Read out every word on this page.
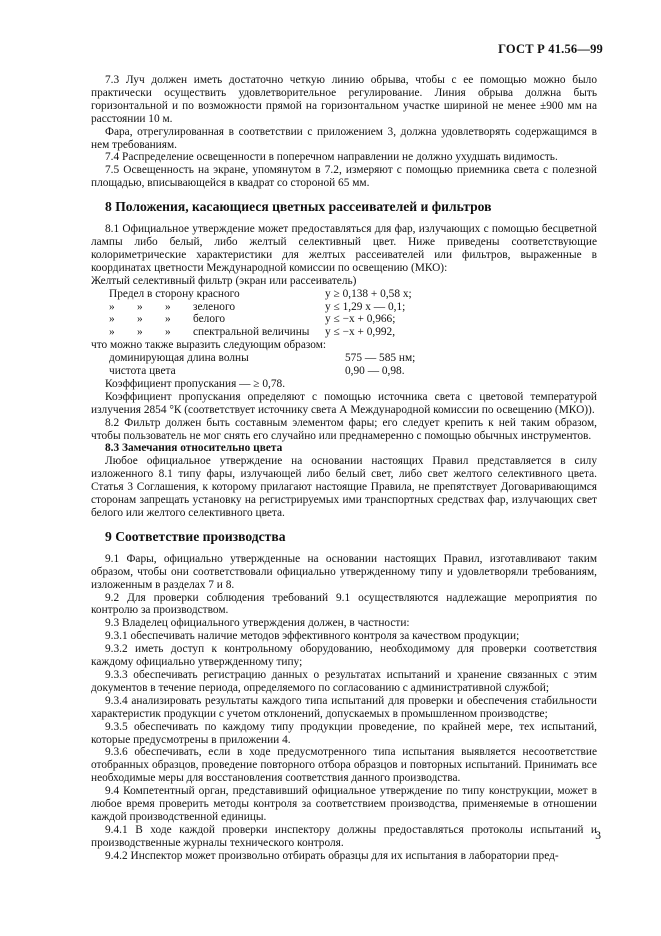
ГОСТ Р 41.56—99

7.3 Луч должен иметь достаточно четкую линию обрыва, чтобы с ее помощью можно было практически осуществить удовлетворительное регулирование. Линия обрыва должна быть горизонтальной и по возможности прямой на горизонтальном участке шириной не менее ±900 мм на расстоянии 10 м.

Фара, отрегулированная в соответствии с приложением 3, должна удовлетворять содержащимся в нем требованиям.

7.4 Распределение освещенности в поперечном направлении не должно ухудшать видимость.

7.5 Освещенность на экране, упомянутом в 7.2, измеряют с помощью приемника света с полезной площадью, вписывающейся в квадрат со стороной 65 мм.

8 Положения, касающиеся цветных рассеивателей и фильтров

8.1 Официальное утверждение может предоставляться для фар, излучающих с помощью бесцветной лампы либо белый, либо желтый селективный цвет. Ниже приведены соответствующие колориметрические характеристики для желтых рассеивателей или фильтров, выраженные в координатах цветности Международной комиссии по освещению (МКО):

Желтый селективный фильтр (экран или рассеиватель)

Предел в сторону красного				y ≥ 0,138 + 0,58 x;
»	»	»	зеленого	y ≤ 1,29 x — 0,1;
»	»	»	белого	y ≤ −x + 0,966;
»	»	»	спектральной величины	y ≤ −x + 0,992,

что можно также выразить следующим образом:

доминирующая длина волны	575 — 585 нм;
чистота цвета	0,90 — 0,98.

Коэффициент пропускания — ≥ 0,78.

Коэффициент пропускания определяют с помощью источника света с цветовой температурой излучения 2854 °К (соответствует источнику света А Международной комиссии по освещению (МКО)).

8.2 Фильтр должен быть составным элементом фары; его следует крепить к ней таким образом, чтобы пользователь не мог снять его случайно или преднамеренно с помощью обычных инструментов.

8.3 Замечания относительно цвета

Любое официальное утверждение на основании настоящих Правил представляется в силу изложенного 8.1 типу фары, излучающей либо белый свет, либо свет желтого селективного цвета. Статья 3 Соглашения, к которому прилагают настоящие Правила, не препятствует Договаривающимся сторонам запрещать установку на регистрируемых ими транспортных средствах фар, излучающих свет белого или желтого селективного цвета.

9 Соответствие производства

9.1 Фары, официально утвержденные на основании настоящих Правил, изготавливают таким образом, чтобы они соответствовали официально утвержденному типу и удовлетворяли требованиям, изложенным в разделах 7 и 8.

9.2 Для проверки соблюдения требований 9.1 осуществляются надлежащие мероприятия по контролю за производством.

9.3 Владелец официального утверждения должен, в частности:

9.3.1 обеспечивать наличие методов эффективного контроля за качеством продукции;

9.3.2 иметь доступ к контрольному оборудованию, необходимому для проверки соответствия каждому официально утвержденному типу;

9.3.3 обеспечивать регистрацию данных о результатах испытаний и хранение связанных с этим документов в течение периода, определяемого по согласованию с административной службой;

9.3.4 анализировать результаты каждого типа испытаний для проверки и обеспечения стабильности характеристик продукции с учетом отклонений, допускаемых в промышленном производстве;

9.3.5 обеспечивать по каждому типу продукции проведение, по крайней мере, тех испытаний, которые предусмотрены в приложении 4.

9.3.6 обеспечивать, если в ходе предусмотренного типа испытания выявляется несоответствие отобранных образцов, проведение повторного отбора образцов и повторных испытаний. Принимать все необходимые меры для восстановления соответствия данного производства.

9.4 Компетентный орган, представивший официальное утверждение по типу конструкции, может в любое время проверить методы контроля за соответствием производства, применяемые в отношении каждой производственной единицы.

9.4.1 В ходе каждой проверки инспектору должны предоставляться протоколы испытаний и производственные журналы технического контроля.

9.4.2 Инспектор может произвольно отбирать образцы для их испытания в лаборатории пред-

3
